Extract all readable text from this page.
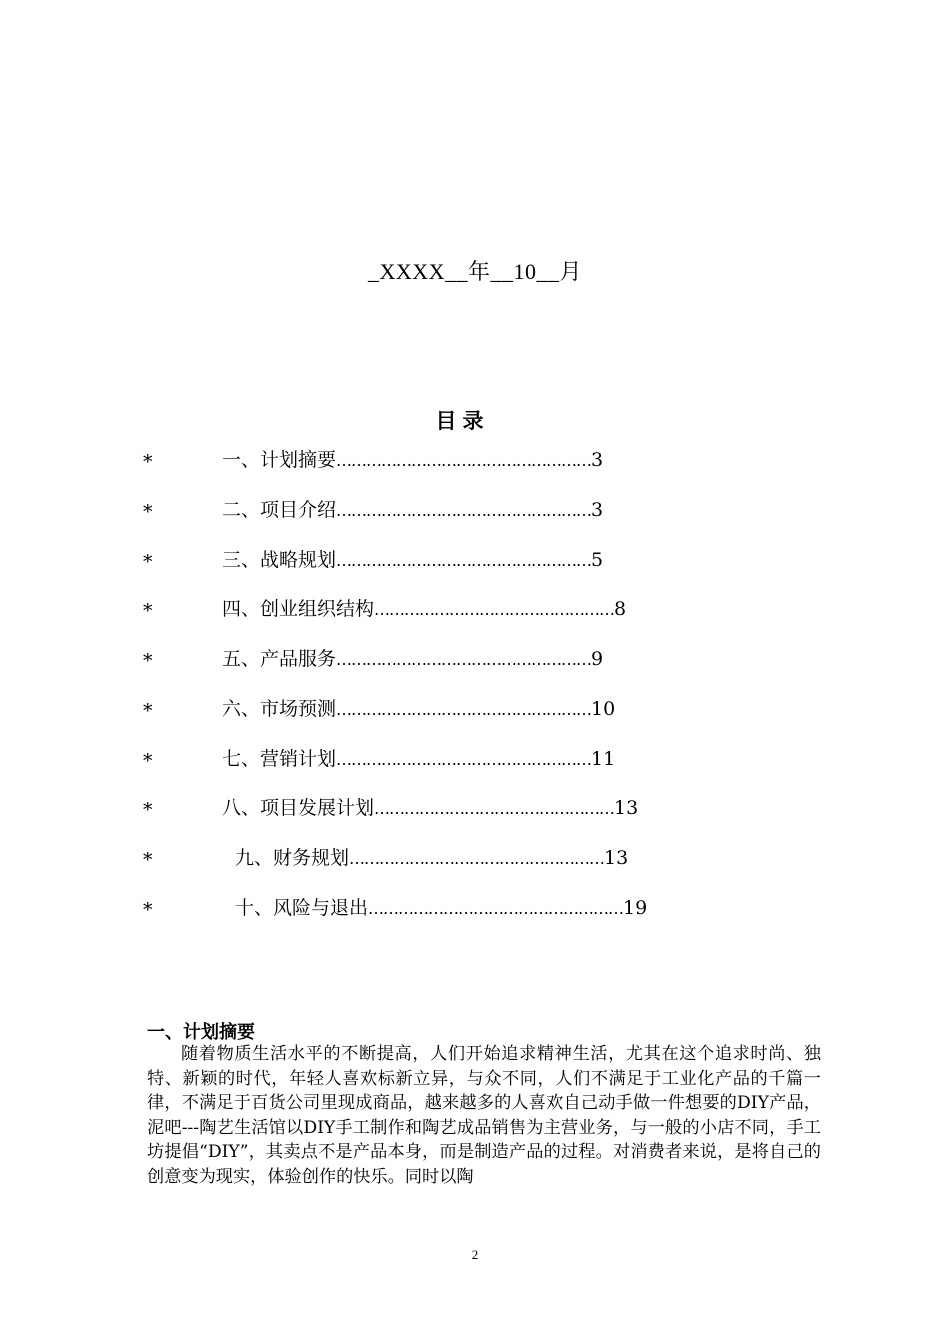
_XXXX__年__10__月
目录
*	一、计划摘要……………………………………………3
*	二、项目介绍……………………………………………3
*	三、战略规划……………………………………………5
*	四、创业组织结构…………………………………………8
*	五、产品服务……………………………………………9
*	六、市场预测……………………………………………10
*	七、营销计划……………………………………………11
*	八、项目发展计划…………………………………………13
*	九、财务规划……………………………………………13
*	十、风险与退出……………………………………………19
一、计划摘要
随着物质生活水平的不断提高，人们开始追求精神生活，尤其在这个追求时尚、独特、新颖的时代，年轻人喜欢标新立异，与众不同，人们不满足于工业化产品的千篇一律，不满足于百货公司里现成商品，越来越多的人喜欢自己动手做一件想要的DIY产品，泥吧---陶艺生活馆以DIY手工制作和陶艺成品销售为主营业务，与一般的小店不同，手工坊提倡“DIY”，其卖点不是产品本身，而是制造产品的过程。对消费者来说，是将自己的创意变为现实，体验创作的快乐。同时以陶
2
